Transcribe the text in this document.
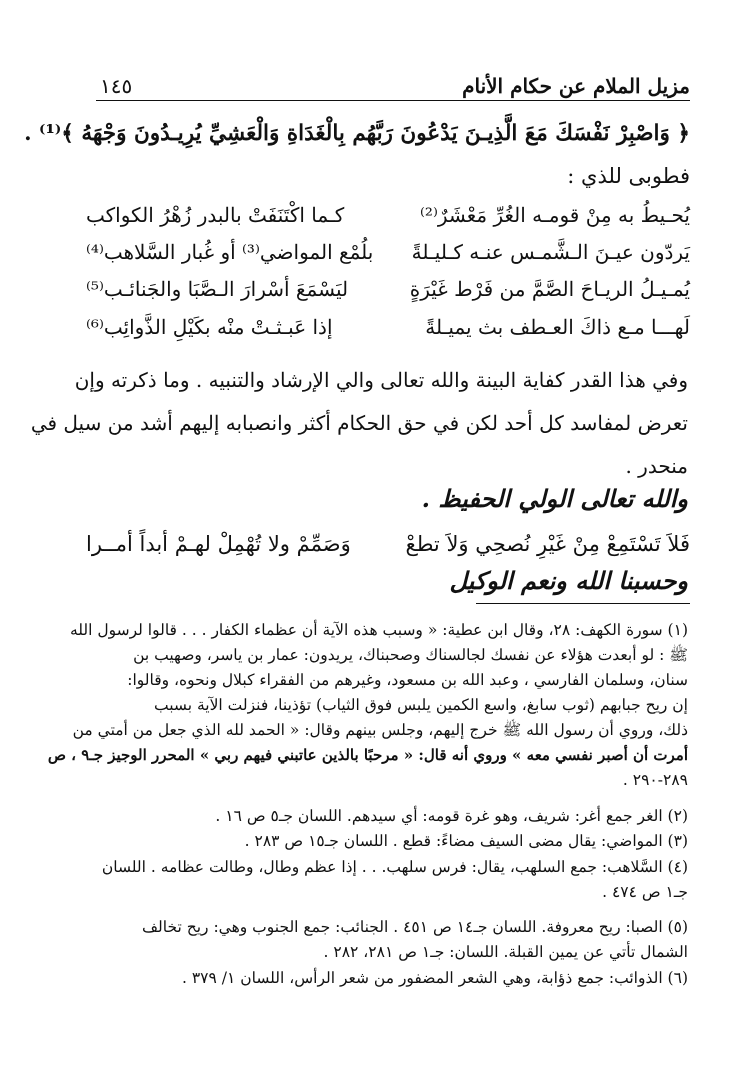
مزيل الملام عن حكام الأنام
١٤٥
﴿ وَاصْبِرْ نَفْسَكَ مَعَ الَّذِيـنَ يَدْعُونَ رَبَّهُم بِالْغَدَاةِ وَالْعَشِيِّ يُرِيـدُونَ وَجْهَهُ ﴾⁽¹⁾ .
فطوبى للذي :
يُحـيطُ به مِنْ قومـه الغُرِّ مَعْشَرٌ⁽²⁾
كـما اكْتَنَفَتْ بالبدر زُهْرُ الكواكب
يَردّون عيـنَ الـشَّمـس عنـه كـليـلةً
بلُمْع المواضي⁽³⁾ أو غُبار السَّلاهب⁽⁴⁾
يُمـيـلُ الريـاحَ الصَّمَّ من فَرْط غَيْرَةٍ
ليَسْمَعَ أسْرارَ الـصَّبَا والجَنائـب⁽⁵⁾
لَهـــا مـع ذاكَ العـطف بث يميـلةً
إذا عَبـثـتْ منْه بكَيْلِ الذَّوائِب⁽⁶⁾
وفي هذا القدر كفاية البينة والله تعالى والي الإرشاد والتنبيه . وما ذكرته وإن
تعرض لمفاسد كل أحد لكن في حق الحكام أكثر وانصبابه إليهم أشد من سيل في
منحدر .
والله تعالى الولي الحفيظ .
فَلاَ تَسْتَمِعْ مِنْ غَيْرِ نُصحِي وَلاَ تطعْ
وَصَمِّمْ ولا تُهْمِلْ لهـمْ أبداً أمــرا
وحسبنا الله ونعم الوكيل
(١) سورة الكهف: ٢٨، وقال ابن عطية: « وسبب هذه الآية أن عظماء الكفار . . . قالوا لرسول الله
ﷺ : لو أبعدت هؤلاء عن نفسك لجالسناك وصحبناك، يريدون: عمار بن ياسر، وصهيب بن
سنان، وسلمان الفارسي ، وعبد الله بن مسعود، وغيرهم من الفقراء كبلال ونحوه، وقالوا:
إن ريح جبابهم (ثوب سابغ، واسع الكمين يلبس فوق الثياب) تؤذينا، فنزلت الآية بسبب
ذلك، وروي أن رسول الله ﷺ خرج إليهم، وجلس بينهم وقال: « الحمد لله الذي جعل من أمتي من
أمرت أن أصبر نفسي معه » وروي أنه قال: « مرحبًا بالذين عاتبني فيهم ربي » المحرر الوجيز جـ٩ ، ص
٢٨٩-٢٩٠ .
(٢) الغر جمع أغر: شريف، وهو غرة قومه: أي سيدهم. اللسان جـ٥ ص ١٦ .
(٣) المواضي: يقال مضى السيف مضاءً: قطع . اللسان جـ١٥ ص ٢٨٣ .
(٤) السَّلاهب: جمع السلهب، يقال: فرس سلهب. . . إذا عظم وطال، وطالت عظامه . اللسان
جـ١ ص ٤٧٤ .
(٥) الصبا: ريح معروفة. اللسان جـ١٤ ص ٤٥١ . الجنائب: جمع الجنوب وهي: ريح تخالف
الشمال تأتي عن يمين القبلة. اللسان: جـ١ ص ٢٨١، ٢٨٢ .
(٦) الذوائب: جمع ذؤابة، وهي الشعر المضفور من شعر الرأس، اللسان ١/ ٣٧٩ .
